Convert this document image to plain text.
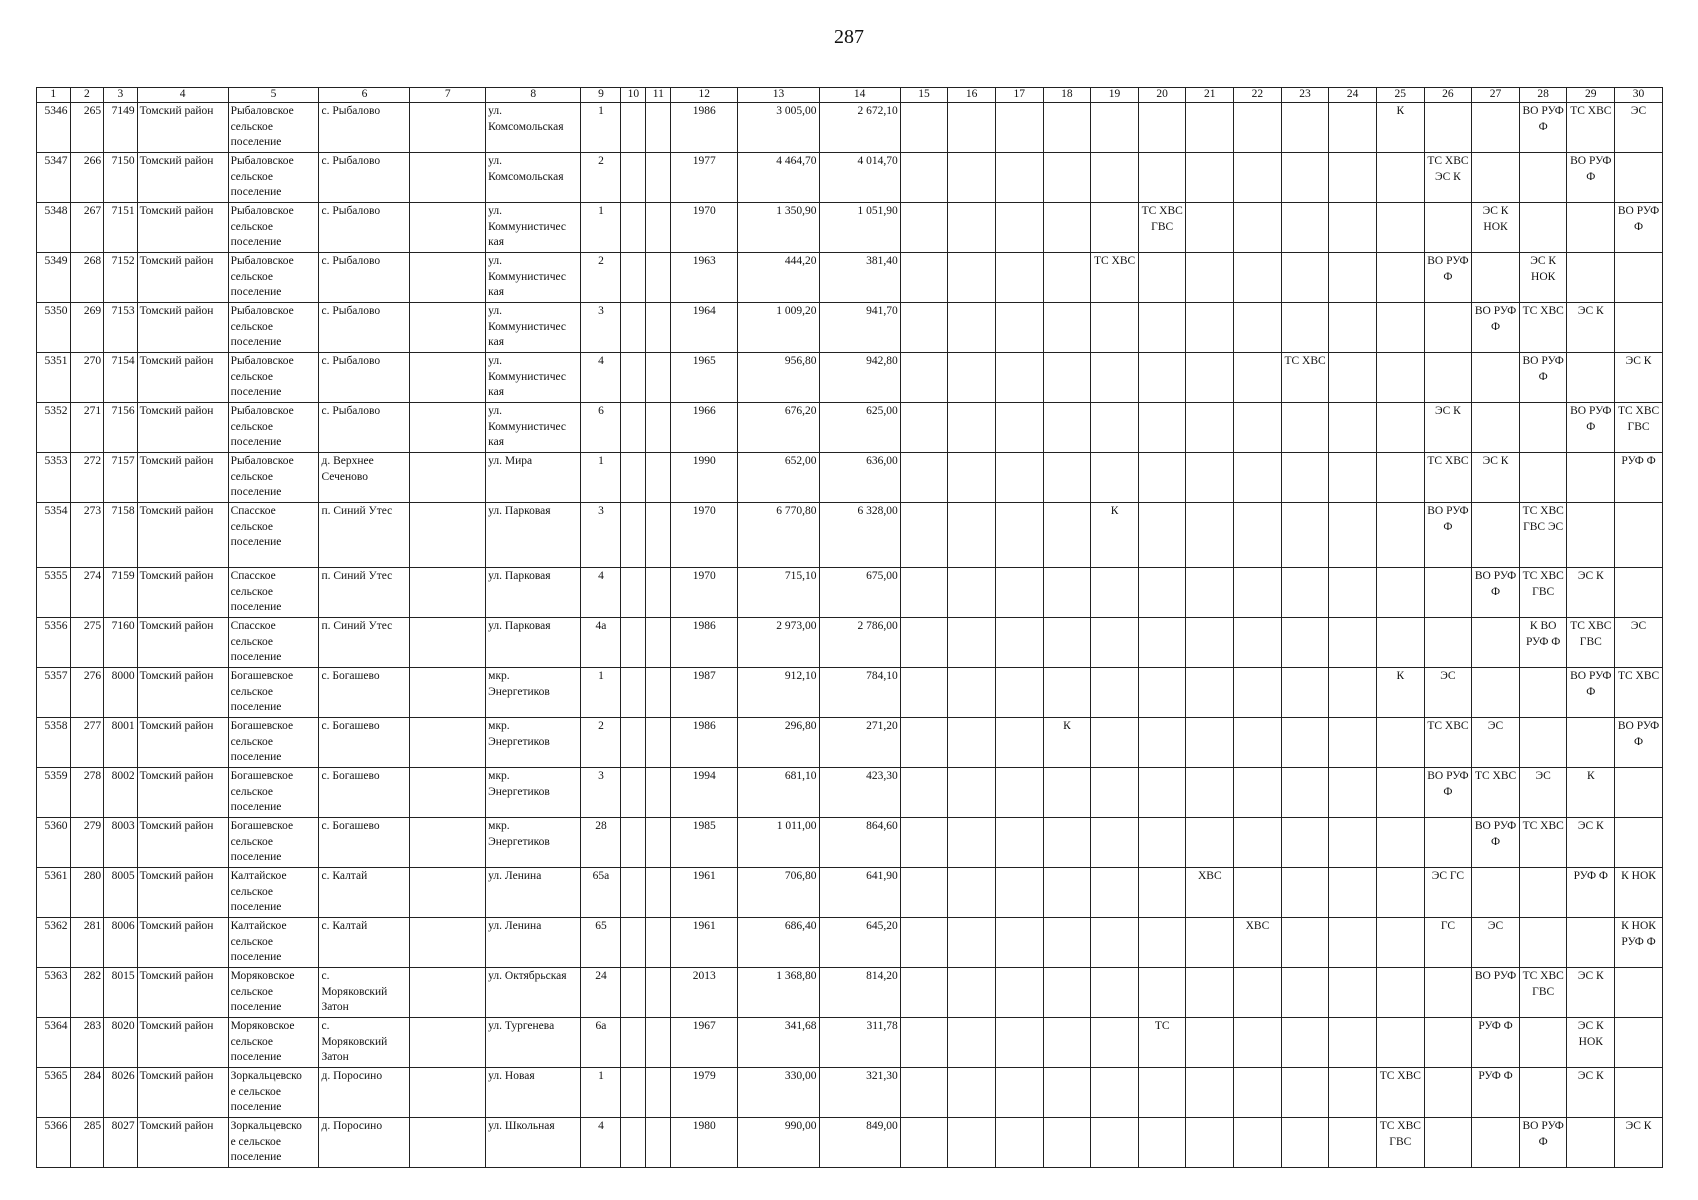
287
1	2	3	4	5	6	7	8	9	10	11	12	13	14	15	16	17	18	19	20	21	22	23	24	25	26	27	28	29	30

5346	265	7149	Томский район	Рыбаловское
сельское
поселение	с. Рыбалово		ул.
Комсомольская	1			1986	3 005,00	2 672,10											К			ВО РУФ
Ф	ТС ХВС	ЭС

5347	266	7150	Томский район	Рыбаловское
сельское
поселение	с. Рыбалово		ул.
Комсомольская	2			1977	4 464,70	4 014,70												ТС ХВС
ЭС К			ВО РУФ
Ф	

5348	267	7151	Томский район	Рыбаловское
сельское
поселение	с. Рыбалово		ул.
Коммунистичес
кая	1			1970	1 350,90	1 051,90						ТС ХВС
ГВС							ЭС К
НОК			ВО РУФ
Ф

5349	268	7152	Томский район	Рыбаловское
сельское
поселение	с. Рыбалово		ул.
Коммунистичес
кая	2			1963	444,20	381,40					ТС ХВС							ВО РУФ
Ф		ЭС К
НОК		

5350	269	7153	Томский район	Рыбаловское
сельское
поселение	с. Рыбалово		ул.
Коммунистичес
кая	3			1964	1 009,20	941,70													ВО РУФ
Ф	ТС ХВС	ЭС К	

5351	270	7154	Томский район	Рыбаловское
сельское
поселение	с. Рыбалово		ул.
Коммунистичес
кая	4			1965	956,80	942,80									ТС ХВС					ВО РУФ
Ф		ЭС К

5352	271	7156	Томский район	Рыбаловское
сельское
поселение	с. Рыбалово		ул.
Коммунистичес
кая	6			1966	676,20	625,00												ЭС К			ВО РУФ
Ф	ТС ХВС
ГВС

5353	272	7157	Томский район	Рыбаловское
сельское
поселение	д. Верхнее
Сеченово		ул. Мира	1			1990	652,00	636,00												ТС ХВС	ЭС К			РУФ Ф

5354	273	7158	Томский район	Спасское
сельское
поселение	п. Синий Утес		ул. Парковая	3			1970	6 770,80	6 328,00					К							ВО РУФ
Ф		ТС ХВС
ГВС ЭС		

5355	274	7159	Томский район	Спасское
сельское
поселение	п. Синий Утес		ул. Парковая	4			1970	715,10	675,00													ВО РУФ
Ф	ТС ХВС
ГВС	ЭС К	

5356	275	7160	Томский район	Спасское
сельское
поселение	п. Синий Утес		ул. Парковая	4а			1986	2 973,00	2 786,00														К ВО
РУФ Ф	ТС ХВС
ГВС	ЭС

5357	276	8000	Томский район	Богашевское
сельское
поселение	с. Богашево		мкр.
Энергетиков	1			1987	912,10	784,10											К	ЭС			ВО РУФ
Ф	ТС ХВС

5358	277	8001	Томский район	Богашевское
сельское
поселение	с. Богашево		мкр.
Энергетиков	2			1986	296,80	271,20				К								ТС ХВС	ЭС			ВО РУФ
Ф

5359	278	8002	Томский район	Богашевское
сельское
поселение	с. Богашево		мкр.
Энергетиков	3			1994	681,10	423,30												ВО РУФ
Ф	ТС ХВС	ЭС	К	

5360	279	8003	Томский район	Богашевское
сельское
поселение	с. Богашево		мкр.
Энергетиков	28			1985	1 011,00	864,60													ВО РУФ
Ф	ТС ХВС	ЭС К	

5361	280	8005	Томский район	Калтайское
сельское
поселение	с. Калтай		ул. Ленина	65а			1961	706,80	641,90							ХВС					ЭС ГС			РУФ Ф	К НОК

5362	281	8006	Томский район	Калтайское
сельское
поселение	с. Калтай		ул. Ленина	65			1961	686,40	645,20								ХВС				ГС	ЭС			К НОК
РУФ Ф

5363	282	8015	Томский район	Моряковское
сельское
поселение	с.
Моряковский
Затон		ул. Октябрьская	24			2013	1 368,80	814,20													ВО РУФ	ТС ХВС
ГВС	ЭС К	

5364	283	8020	Томский район	Моряковское
сельское
поселение	с.
Моряковский
Затон		ул. Тургенева	6а			1967	341,68	311,78						ТС							РУФ Ф		ЭС К
НОК	

5365	284	8026	Томский район	Зоркальцевско
е сельское
поселение	д. Поросино		ул. Новая	1			1979	330,00	321,30											ТС ХВС		РУФ Ф		ЭС К	

5366	285	8027	Томский район	Зоркальцевско
е сельское
поселение	д. Поросино		ул. Школьная	4			1980	990,00	849,00											ТС ХВС
ГВС			ВО РУФ
Ф		ЭС К
